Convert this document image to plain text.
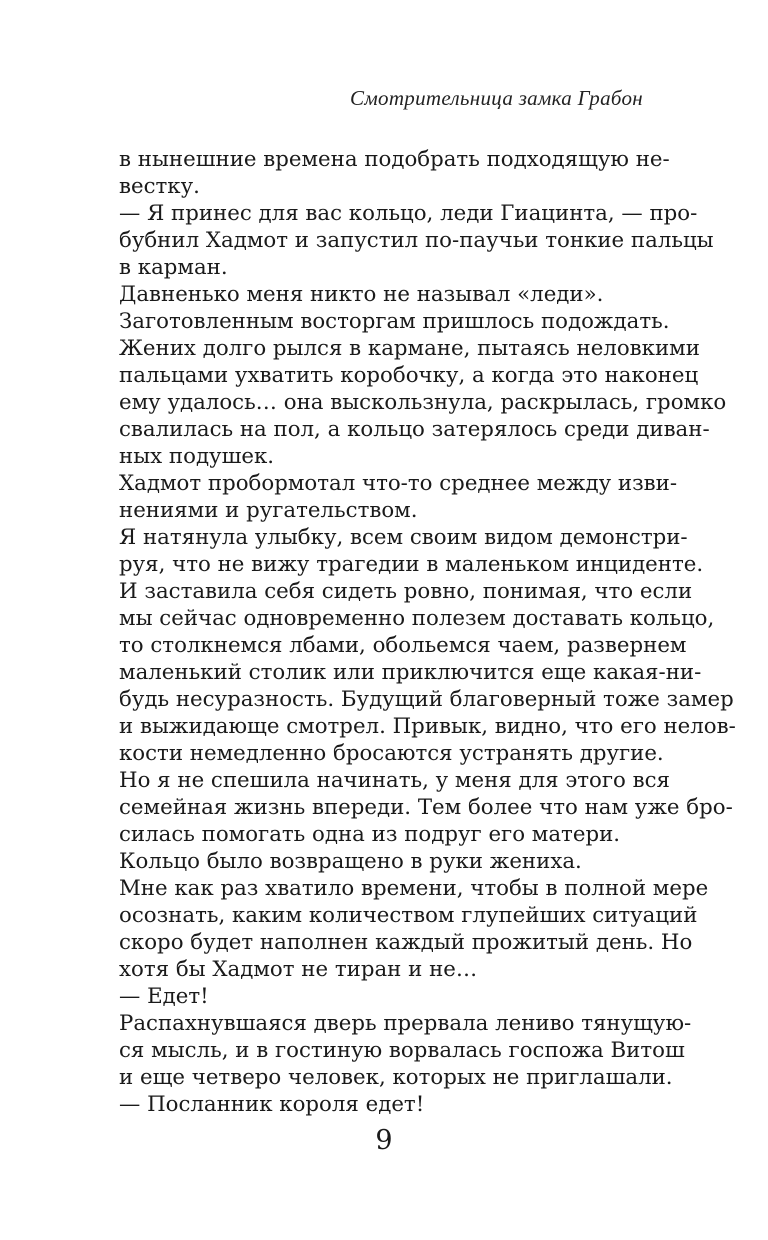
Смотрительница замка Грабон
в нынешние времена подобрать подходящую не-
вестку.
— Я принес для вас кольцо, леди Гиацинта, — про-
бубнил Хадмот и запустил по-паучьи тонкие пальцы
в карман.
Давненько меня никто не называл «леди».
Заготовленным восторгам пришлось подождать.
Жених долго рылся в кармане, пытаясь неловкими
пальцами ухватить коробочку, а когда это наконец
ему удалось… она выскользнула, раскрылась, громко
свалилась на пол, а кольцо затерялось среди диван-
ных подушек.
Хадмот пробормотал что-то среднее между изви-
нениями и ругательством.
Я натянула улыбку, всем своим видом демонстри-
руя, что не вижу трагедии в маленьком инциденте.
И заставила себя сидеть ровно, понимая, что если
мы сейчас одновременно полезем доставать кольцо,
то столкнемся лбами, обольемся чаем, развернем
маленький столик или приключится еще какая-ни-
будь несуразность. Будущий благоверный тоже замер
и выжидающе смотрел. Привык, видно, что его нелов-
кости немедленно бросаются устранять другие.
Но я не спешила начинать, у меня для этого вся
семейная жизнь впереди. Тем более что нам уже бро-
силась помогать одна из подруг его матери.
Кольцо было возвращено в руки жениха.
Мне как раз хватило времени, чтобы в полной мере
осознать, каким количеством глупейших ситуаций
скоро будет наполнен каждый прожитый день. Но
хотя бы Хадмот не тиран и не…
— Едет!
Распахнувшаяся дверь прервала лениво тянущую-
ся мысль, и в гостиную ворвалась госпожа Витош
и еще четверо человек, которых не приглашали.
— Посланник короля едет!
9
